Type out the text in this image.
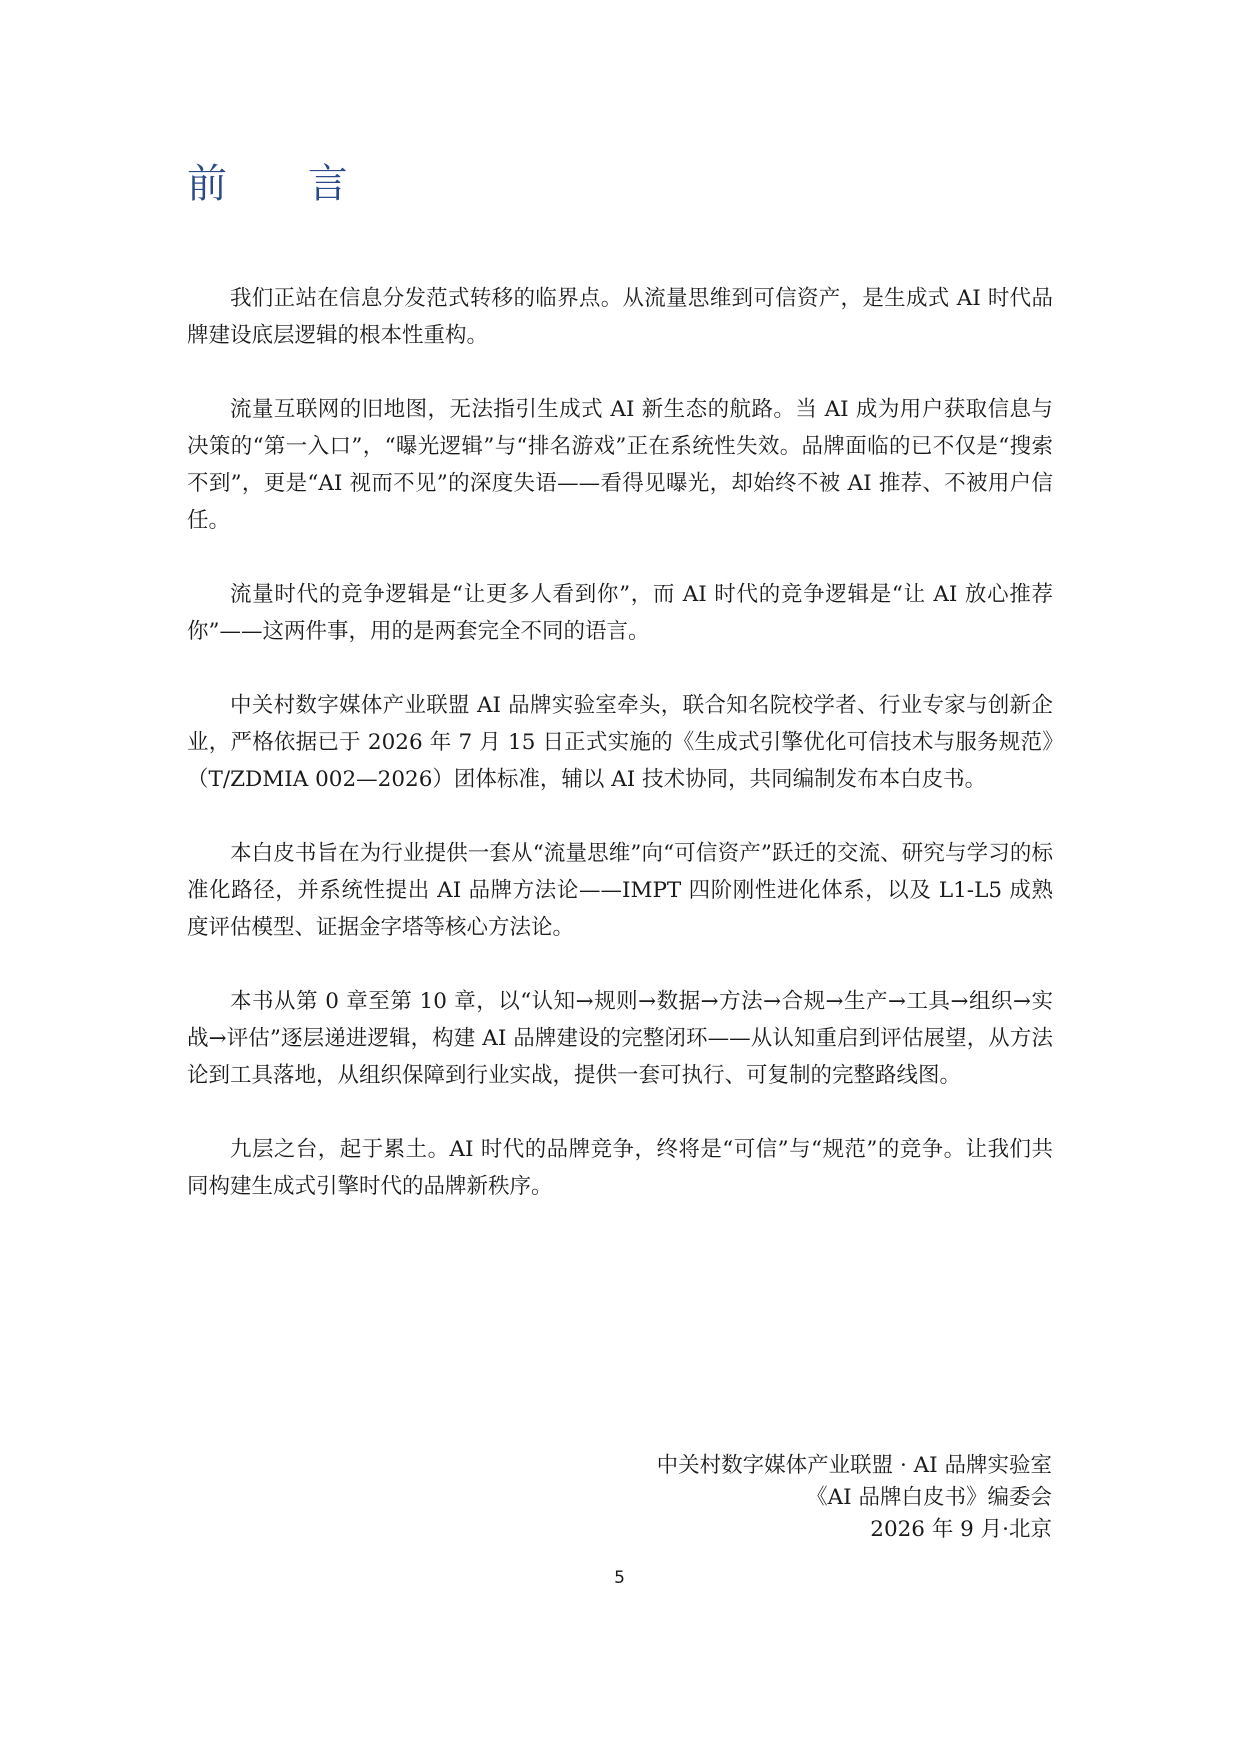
前 言

我们正站在信息分发范式转移的临界点。从流量思维到可信资产，是生成式 AI 时代品牌建设底层逻辑的根本性重构。

流量互联网的旧地图，无法指引生成式 AI 新生态的航路。当 AI 成为用户获取信息与决策的“第一入口”，“曝光逻辑”与“排名游戏”正在系统性失效。品牌面临的已不仅是“搜索不到”，更是“AI 视而不见”的深度失语——看得见曝光，却始终不被 AI 推荐、不被用户信任。

流量时代的竞争逻辑是“让更多人看到你”，而 AI 时代的竞争逻辑是“让 AI 放心推荐你”——这两件事，用的是两套完全不同的语言。

中关村数字媒体产业联盟 AI 品牌实验室牵头，联合知名院校学者、行业专家与创新企业，严格依据已于 2026 年 7 月 15 日正式实施的《生成式引擎优化可信技术与服务规范》（T/ZDMIA 002—2026）团体标准，辅以 AI 技术协同，共同编制发布本白皮书。

本白皮书旨在为行业提供一套从“流量思维”向“可信资产”跃迁的交流、研究与学习的标准化路径，并系统性提出 AI 品牌方法论——IMPT 四阶刚性进化体系，以及 L1-L5 成熟度评估模型、证据金字塔等核心方法论。

本书从第 0 章至第 10 章，以“认知→规则→数据→方法→合规→生产→工具→组织→实战→评估”逐层递进逻辑，构建 AI 品牌建设的完整闭环——从认知重启到评估展望，从方法论到工具落地，从组织保障到行业实战，提供一套可执行、可复制的完整路线图。

九层之台，起于累土。AI 时代的品牌竞争，终将是“可信”与“规范”的竞争。让我们共同构建生成式引擎时代的品牌新秩序。

中关村数字媒体产业联盟 · AI 品牌实验室
《AI 品牌白皮书》编委会
2026 年 9 月·北京
5
